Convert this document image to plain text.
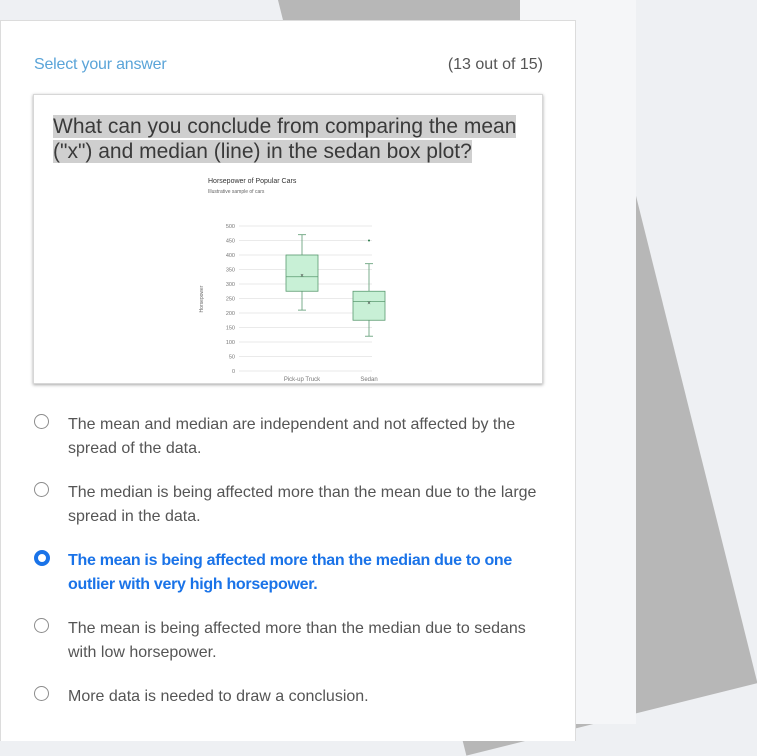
Select your answer	(13 out of 15)
What can you conclude from comparing the mean ("x") and median (line) in the sedan box plot?
Horsepower of Popular Cars
Illustrative sample of cars
Horsepower
500
450
400
350
300
250
200
150
100
50
0
×
Pick-up Truck
×
Sedan
The mean and median are independent and not affected by the spread of the data.
The median is being affected more than the mean due to the large spread in the data.
The mean is being affected more than the median due to one outlier with very high horsepower.
The mean is being affected more than the median due to sedans with low horsepower.
More data is needed to draw a conclusion.
